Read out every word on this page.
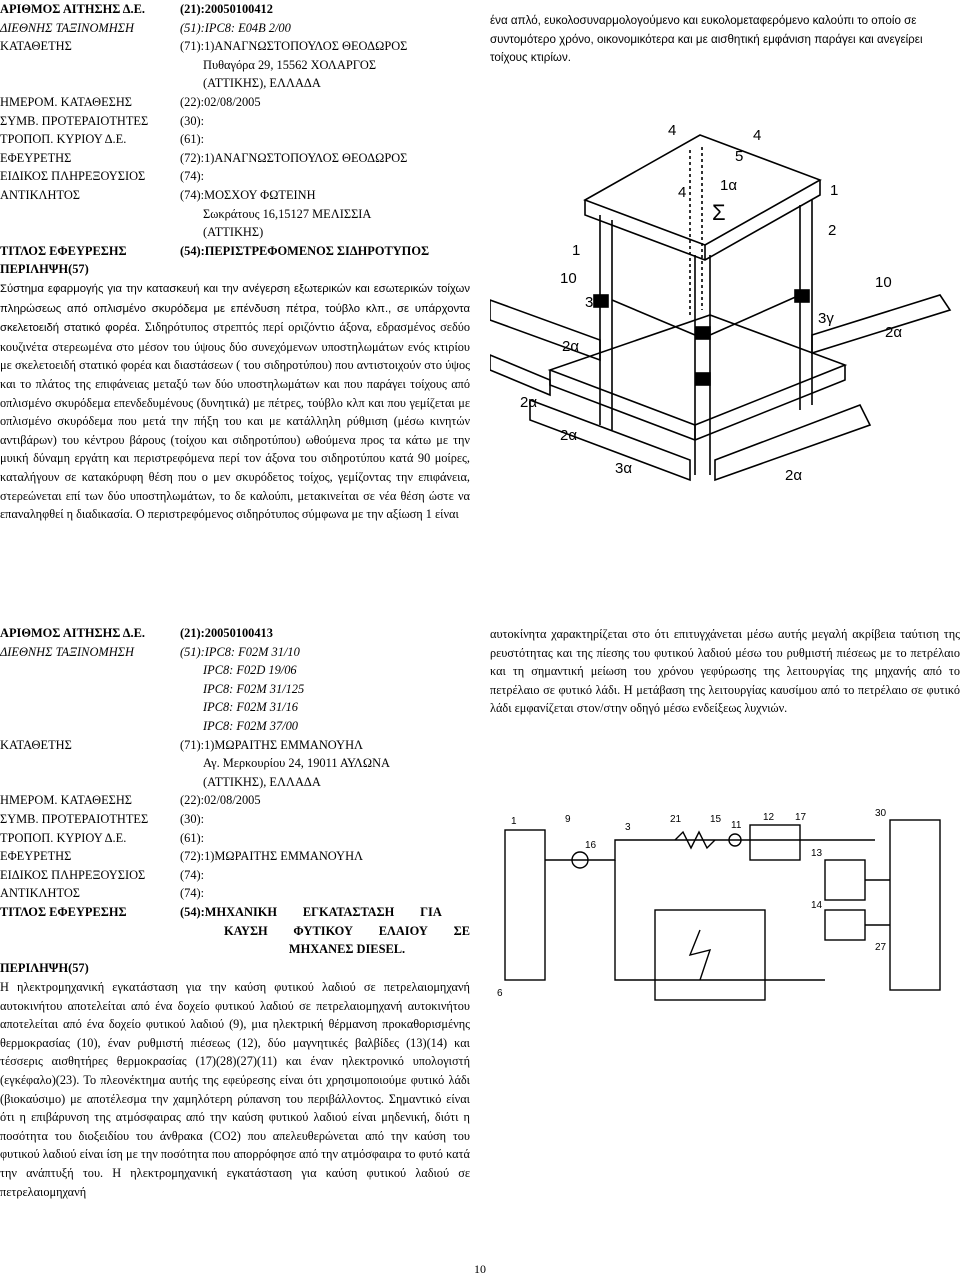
ΑΡΙΘΜΟΣ ΑΙΤΗΣΗΣ Δ.Ε.	(21):20050100412
ΔΙΕΘΝΗΣ ΤΑΞΙΝΟΜΗΣΗ	(51):IPC8: E04B 2/00
ΚΑΤΑΘΕΤΗΣ	(71):1)ΑΝΑΓΝΩΣΤΟΠΟΥΛΟΣ ΘΕΟΔΩΡΟΣ
Πυθαγόρα 29, 15562 ΧΟΛΑΡΓΟΣ
(ΑΤΤΙΚΗΣ), ΕΛΛΑΔΑ
ΗΜΕΡΟΜ. ΚΑΤΑΘΕΣΗΣ	(22):02/08/2005
ΣΥΜΒ. ΠΡΟΤΕΡΑΙΟΤΗΤΕΣ	(30):
ΤΡΟΠΟΠ. ΚΥΡΙΟΥ Δ.Ε.	(61):
ΕΦΕΥΡΕΤΗΣ	(72):1)ΑΝΑΓΝΩΣΤΟΠΟΥΛΟΣ ΘΕΟΔΩΡΟΣ
ΕΙΔΙΚΟΣ ΠΛΗΡΕΞΟΥΣΙΟΣ	(74):
ΑΝΤΙΚΛΗΤΟΣ	(74):ΜΟΣΧΟΥ ΦΩΤΕΙΝΗ
Σωκράτους 16,15127 ΜΕΛΙΣΣΙΑ
(ΑΤΤΙΚΗΣ)
ΤΙΤΛΟΣ ΕΦΕΥΡΕΣΗΣ	(54):ΠΕΡΙΣΤΡΕΦΟΜΕΝΟΣ ΣΙΔΗΡΟΤΥΠΟΣ
ΠΕΡΙΛΗΨΗ(57)
Σύστημα εφαρμογής για την κατασκευή και την ανέγερση εξωτερικών και εσωτερικών τοίχων πληρώσεως από οπλισμένο σκυρόδεμα με επένδυση πέτρα, τούβλο κλπ., σε υπάρχοντα σκελετοειδή στατικό φορέα. Σιδηρότυπος στρεπτός περί οριζόντιο άξονα, εδρασμένος σεδύο κουζινέτα στερεωμένα στο μέσον του ύψους δύο συνεχόμενων υποστηλωμάτων ενός κτιρίου με σκελετοειδή στατικό φορέα και διαστάσεων ( του σιδηροτύπου) που αντιστοιχούν στο ύψος και το πλάτος της επιφάνειας μεταξύ των δύο υποστηλωμάτων και που παράγει τοίχους από οπλισμένο σκυρόδεμα επενδεδυμένους (δυνητικά) με πέτρες, τούβλο κλπ και που γεμίζεται με οπλισμένο σκυρόδεμα που μετά την πήξη του και με κατάλληλη ρύθμιση (μέσω κινητών αντιβάρων) του κέντρου βάρους (τοίχου και σιδηροτύπου) ωθούμενα προς τα κάτω με την μυική δύναμη εργάτη και περιστρεφόμενα περί τον άξονα του σιδηροτύπου κατά 90 μοίρες, καταλήγουν σε κατακόρυφη θέση που ο μεν σκυρόδετος τοίχος, γεμίζοντας την επιφάνεια, στερεώνεται επί των δύο υποστηλωμάτων, το δε καλούπι, μετακινείται σε νέα θέση ώστε να επαναληφθεί η διαδικασία. Ο περιστρεφόμενος σιδηρότυπος σύμφωνα με την αξίωση 1 είναι
ένα απλό, ευκολοσυναρμολογούμενο και ευκολομεταφερόμενο καλούπι το οποίο σε συντομότερο χρόνο, οικονομικότερα και με αισθητική εμφάνιση παράγει και ανεγείρει τοίχους κτιρίων.
4	4
4
5
1α
Σ
1
2
1
10	10
3δ
3γ
2α
2α
2α
3α	2α
2α
ΑΡΙΘΜΟΣ ΑΙΤΗΣΗΣ Δ.Ε.	(21):20050100413
ΔΙΕΘΝΗΣ ΤΑΞΙΝΟΜΗΣΗ	(51):IPC8: F02M 31/10
IPC8: F02D 19/06
IPC8: F02M 31/125
IPC8: F02M 31/16
IPC8: F02M 37/00
ΚΑΤΑΘΕΤΗΣ	(71):1)ΜΩΡΑΙΤΗΣ ΕΜΜΑΝΟΥΗΛ
Αγ. Μερκουρίου 24, 19011 ΑΥΛΩΝΑ
(ΑΤΤΙΚΗΣ), ΕΛΛΑΔΑ
ΗΜΕΡΟΜ. ΚΑΤΑΘΕΣΗΣ	(22):02/08/2005
ΣΥΜΒ. ΠΡΟΤΕΡΑΙΟΤΗΤΕΣ	(30):
ΤΡΟΠΟΠ. ΚΥΡΙΟΥ Δ.Ε.	(61):
ΕΦΕΥΡΕΤΗΣ	(72):1)ΜΩΡΑΙΤΗΣ ΕΜΜΑΝΟΥΗΛ
ΕΙΔΙΚΟΣ ΠΛΗΡΕΞΟΥΣΙΟΣ	(74):
ΑΝΤΙΚΛΗΤΟΣ	(74):
ΤΙΤΛΟΣ ΕΦΕΥΡΕΣΗΣ	(54):ΜΗΧΑΝΙΚΗ ΕΓΚΑΤΑΣΤΑΣΗ ΓΙΑ
ΚΑΥΣΗ ΦΥΤΙΚΟΥ ΕΛΑΙΟΥ ΣΕ
ΜΗΧΑΝΕΣ DIESEL.
ΠΕΡΙΛΗΨΗ(57)
Η ηλεκτρομηχανική εγκατάσταση για την καύση φυτικού λαδιού σε πετρελαιομηχανή αυτοκινήτου αποτελείται από ένα δοχείο φυτικού λαδιού σε πετρελαιομηχανή αυτοκινήτου αποτελείται από ένα δοχείο φυτικού λαδιού (9), μια ηλεκτρική θέρμανση προκαθορισμένης θερμοκρασίας (10), έναν ρυθμιστή πιέσεως (12), δύο μαγνητικές βαλβίδες (13)(14) και τέσσερις αισθητήρες θερμοκρασίας (17)(28)(27)(11) και έναν ηλεκτρονικό υπολογιστή (εγκέφαλο)(23). Το πλεονέκτημα αυτής της εφεύρεσης είναι ότι χρησιμοποιούμε φυτικό λάδι (βιοκαύσιμο) με αποτέλεσμα την χαμηλότερη ρύπανση του περιβάλλοντος. Σημαντικό είναι ότι η επιβάρυνση της ατμόσφαιρας από την καύση φυτικού λαδιού είναι μηδενική, διότι η ποσότητα του διοξειδίου του άνθρακα (CO2) που απελευθερώνεται από την καύση του φυτικού λαδιού είναι ίση με την ποσότητα που απορρόφησε από την ατμόσφαιρα το φυτό κατά την ανάπτυξή του. Η ηλεκτρομηχανική εγκατάσταση για καύση φυτικού λαδιού σε πετρελαιομηχανή
αυτοκίνητα χαρακτηρίζεται στο ότι επιτυγχάνεται μέσω αυτής μεγαλή ακρίβεια ταύτιση της ρευστότητας και της πίεσης του φυτικού λαδιού μέσω του ρυθμιστή πιέσεως με το πετρέλαιο και τη σημαντική μείωση του χρόνου γεφύρωσης της λειτουργίας της μηχανής από το πετρέλαιο σε φυτικό λάδι. Η μετάβαση της λειτουργίας καυσίμου από το πετρέλαιο σε φυτικό λάδι εμφανίζεται στον/στην οδηγό μέσω ενδείξεως λυχνιών.
1	9
16
3
21	15
11
13
14
12 17	30
6
27
10
